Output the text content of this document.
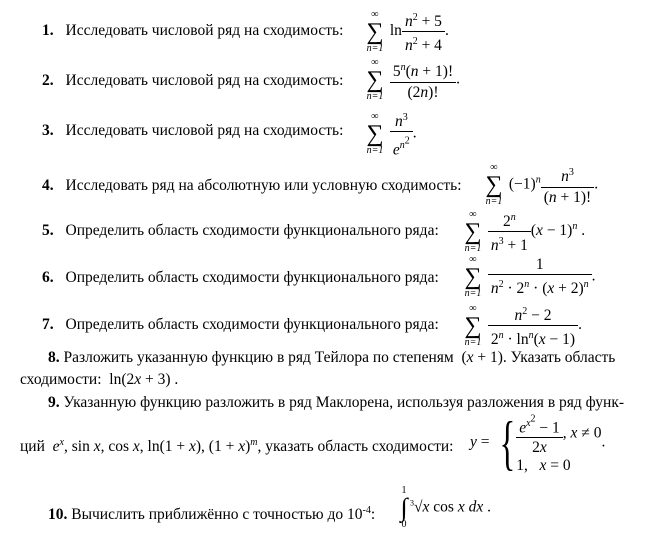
1. Исследовать числовой ряд на сходимость:
∞
∑
n=1
$\ln \frac{n^2 + 5}{n^2 + 4}$ .
2. Исследовать числовой ряд на сходимость:
∞
∑
n=1
$\frac{5^n(n + 1)!}{(2n)!}$ .
3. Исследовать числовой ряд на сходимость:
∞
∑
n=1
$\frac{n^3}{e^{n^2}}$ .
4. Исследовать ряд на абсолютную или условную сходимость:
∞
∑
n=1
$(-1)^n \frac{n^3}{(n + 1)!}$ .
5. Определить область сходимости функционального ряда:
∞
∑
n=1
$\frac{2^n}{n^3 + 1} (x - 1)^n$ .
6. Определить область сходимости функционального ряда:
∞
∑
n=1
$\frac{1}{n^2 \cdot 2^n \cdot (x + 2)^n}$ .
7. Определить область сходимости функционального ряда:
∞
∑
n=1
$\frac{n^2 - 2}{2^n \cdot \ln^n(x - 1)}$ .
8. Разложить указанную функцию в ряд Тейлора по степеням  (x + 1). Указать область
сходимости:  ln(2x + 3) .
9. Указанную функцию разложить в ряд Маклорена, используя разложения в ряд функ-
ций $e^x$, sin x, cos x, ln(1 + x), $(1 + x)^m$, указать область сходимости: y = { $\frac{e^{x^2} - 1}{2x}$ , x ≠ 0
1,   x = 0
.
10. Вычислить приближённо с точностью до $10^{-4}$:
1
∫
0
$^3$√x cos x dx .
